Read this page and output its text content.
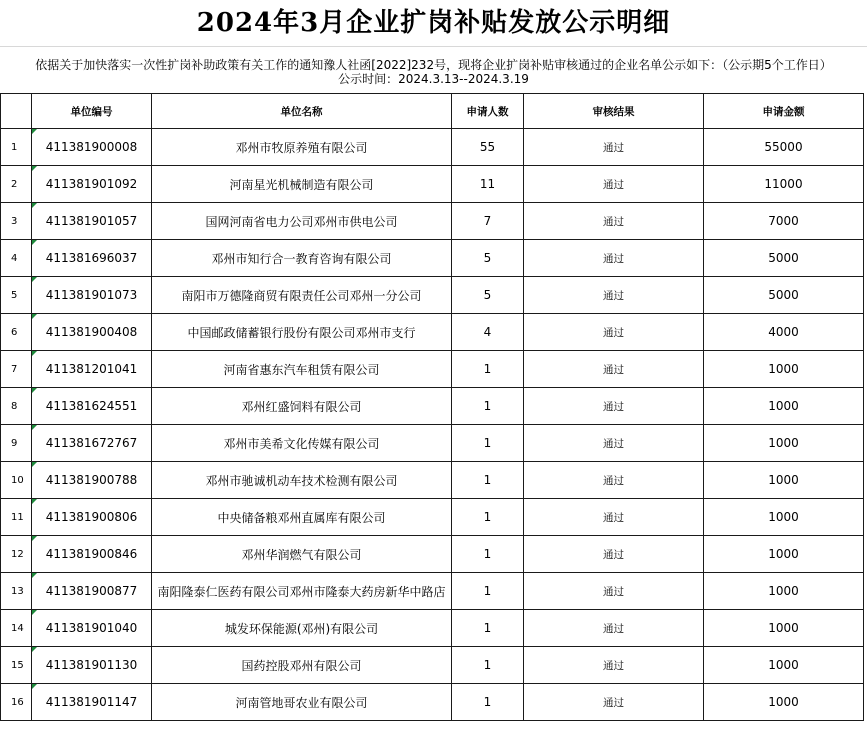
2024年3月企业扩岗补贴发放公示明细
依据关于加快落实一次性扩岗补助政策有关工作的通知豫人社函[2022]232号，现将企业扩岗补贴审核通过的企业名单公示如下：（公示期5个工作日）
公示时间：2024.3.13--2024.3.19
	单位编号	单位名称	申请人数	审核结果	申请金额
1	411381900008	邓州市牧原养殖有限公司	55	通过	55000
2	411381901092	河南星光机械制造有限公司	11	通过	11000
3	411381901057	国网河南省电力公司邓州市供电公司	7	通过	7000
4	411381696037	邓州市知行合一教育咨询有限公司	5	通过	5000
5	411381901073	南阳市万德隆商贸有限责任公司邓州一分公司	5	通过	5000
6	411381900408	中国邮政储蓄银行股份有限公司邓州市支行	4	通过	4000
7	411381201041	河南省惠东汽车租赁有限公司	1	通过	1000
8	411381624551	邓州红盛饲料有限公司	1	通过	1000
9	411381672767	邓州市美希文化传媒有限公司	1	通过	1000
10	411381900788	邓州市驰诚机动车技术检测有限公司	1	通过	1000
11	411381900806	中央储备粮邓州直属库有限公司	1	通过	1000
12	411381900846	邓州华润燃气有限公司	1	通过	1000
13	411381900877	南阳隆泰仁医药有限公司邓州市隆泰大药房新华中路店	1	通过	1000
14	411381901040	城发环保能源(邓州)有限公司	1	通过	1000
15	411381901130	国药控股邓州有限公司	1	通过	1000
16	411381901147	河南管地哥农业有限公司	1	通过	1000
